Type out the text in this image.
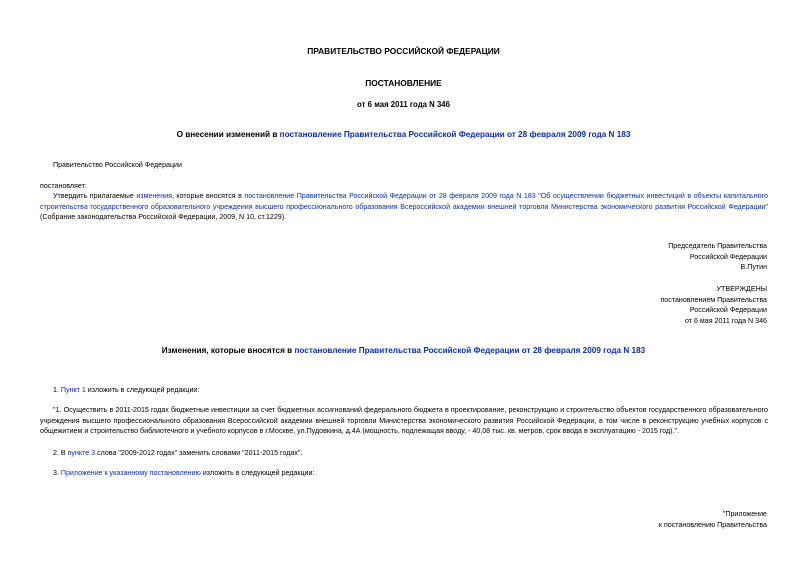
ПРАВИТЕЛЬСТВО РОССИЙСКОЙ ФЕДЕРАЦИИ
ПОСТАНОВЛЕНИЕ
от 6 мая 2011 года N 346
О внесении изменений в постановление Правительства Российской Федерации от 28 февраля 2009 года N 183
Правительство Российской Федерации
постановляет:
Утвердить прилагаемые изменения, которые вносятся в постановление Правительства Российской Федерации от 28 февраля 2009 года N 183 "Об осуществлении бюджетных инвестиций в объекты капитального строительства государственного образовательного учреждения высшего профессионального образования Всероссийской академии внешней торговли Министерства экономического развития Российской Федерации" (Собрание законодательства Российской Федерации, 2009, N 10, ст.1229).
Председатель Правительства
Российской Федерации
В.Путин
УТВЕРЖДЕНЫ
постановлением Правительства
Российской Федерации
от 6 мая 2011 года N 346
Изменения, которые вносятся в постановление Правительства Российской Федерации от 28 февраля 2009 года N 183
1. Пункт 1 изложить в следующей редакции:
"1. Осуществить в 2011-2015 годах бюджетные инвестиции за счет бюджетных ассигнований федерального бюджета в проектирование, реконструкцию и строительство объектов государственного образовательного учреждения высшего профессионального образования Всероссийской академии внешней торговли Министерства экономического развития Российской Федерации, в том числе в реконструкцию учебных корпусов с общежитием и строительство библиотечного и учебного корпусов в г.Москве, ул.Пудовкина, д.4А (мощность, подлежащая вводу, - 40,08 тыс. кв. метров, срок ввода в эксплуатацию - 2015 год).".
2. В пункте 3 слова "2009-2012 годах" заменить словами "2011-2015 годах".
3. Приложение к указанному постановлению изложить в следующей редакции:
"Приложение
к постановлению Правительства
